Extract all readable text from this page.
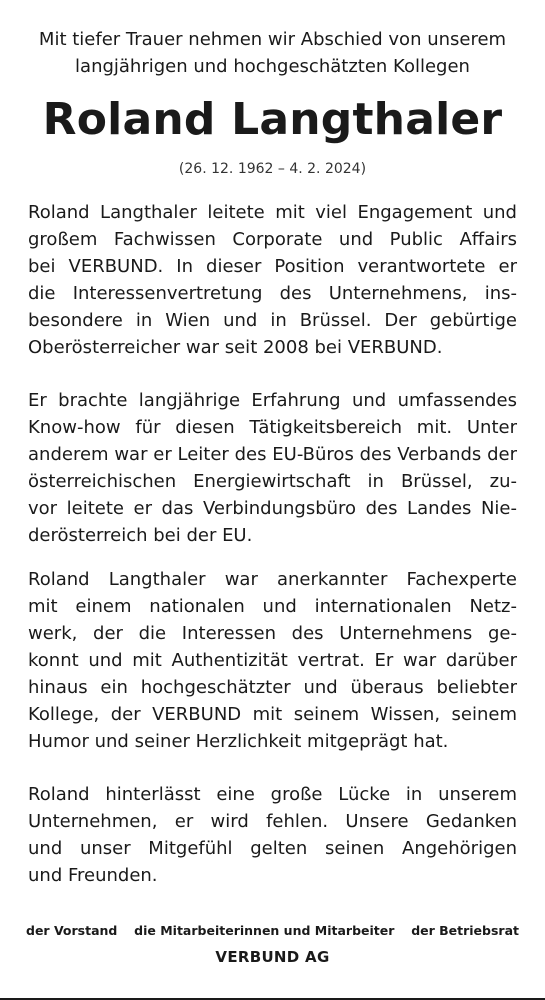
Mit tiefer Trauer nehmen wir Abschied von unserem
langjährigen und hochgeschätzten Kollegen
Roland Langthaler
(26. 12. 1962 – 4. 2. 2024)
Roland Langthaler leitete mit viel Engagement und
großem Fachwissen Corporate und Public Affairs
bei VERBUND. In dieser Position verantwortete er
die Interessenvertretung des Unternehmens, ins-
besondere in Wien und in Brüssel. Der gebürtige
Oberösterreicher war seit 2008 bei VERBUND.
Er brachte langjährige Erfahrung und umfassendes
Know-how für diesen Tätigkeitsbereich mit. Unter
anderem war er Leiter des EU-Büros des Verbands der
österreichischen Energiewirtschaft in Brüssel, zu-
vor leitete er das Verbindungsbüro des Landes Nie-
derösterreich bei der EU.
Roland Langthaler war anerkannter Fachexperte
mit einem nationalen und internationalen Netz-
werk, der die Interessen des Unternehmens ge-
konnt und mit Authentizität vertrat. Er war darüber
hinaus ein hochgeschätzter und überaus beliebter
Kollege, der VERBUND mit seinem Wissen, seinem
Humor und seiner Herzlichkeit mitgeprägt hat.
Roland hinterlässt eine große Lücke in unserem
Unternehmen, er wird fehlen. Unsere Gedanken
und unser Mitgefühl gelten seinen Angehörigen
und Freunden.
der Vorstand die Mitarbeiterinnen und Mitarbeiter der Betriebsrat
VERBUND AG
